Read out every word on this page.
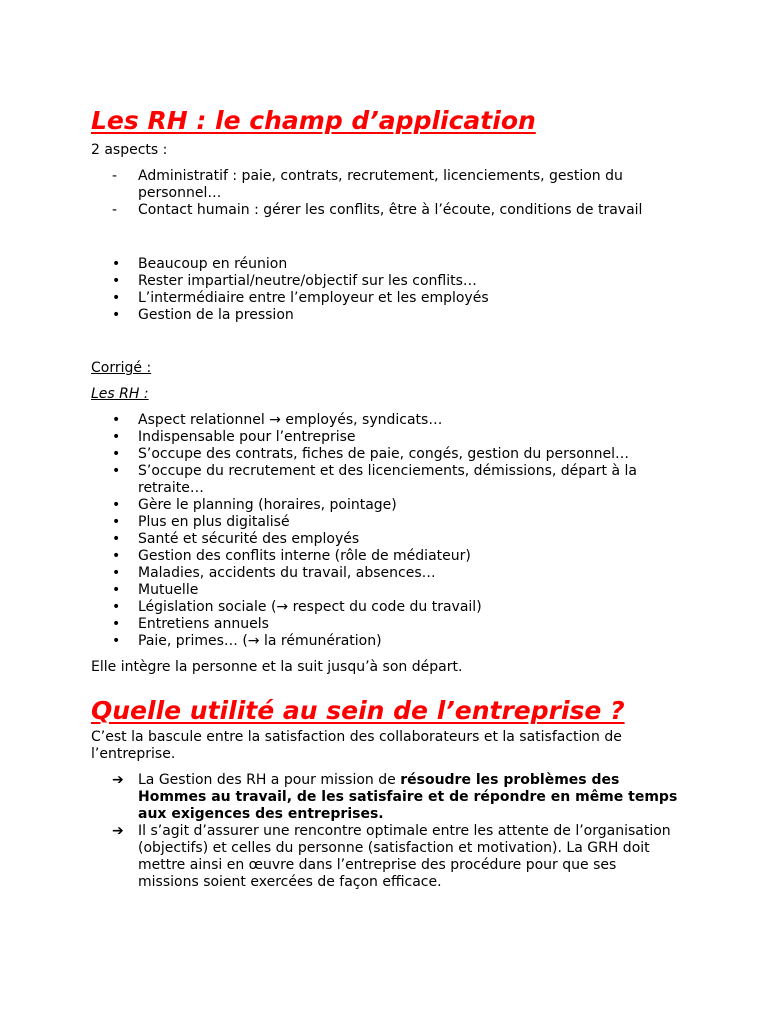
Les RH : le champ d’application

2 aspects :

- Administratif : paie, contrats, recrutement, licenciements, gestion du personnel…
- Contact humain : gérer les conflits, être à l’écoute, conditions de travail
• Beaucoup en réunion
• Rester impartial/neutre/objectif sur les conflits…
• L’intermédiaire entre l’employeur et les employés
• Gestion de la pression

Corrigé :

Les RH :

• Aspect relationnel → employés, syndicats…
• Indispensable pour l’entreprise
• S’occupe des contrats, fiches de paie, congés, gestion du personnel…
• S’occupe du recrutement et des licenciements, démissions, départ à la retraite…
• Gère le planning (horaires, pointage)
• Plus en plus digitalisé
• Santé et sécurité des employés
• Gestion des conflits interne (rôle de médiateur)
• Maladies, accidents du travail, absences…
• Mutuelle
• Législation sociale (→ respect du code du travail)
• Entretiens annuels
• Paie, primes… (→ la rémunération)

Elle intègre la personne et la suit jusqu’à son départ.

Quelle utilité au sein de l’entreprise ?

C’est la bascule entre la satisfaction des collaborateurs et la satisfaction de l’entreprise.

➔ La Gestion des RH a pour mission de résoudre les problèmes des Hommes au travail, de les satisfaire et de répondre en même temps aux exigences des entreprises.
➔ Il s’agit d’assurer une rencontre optimale entre les attente de l’organisation (objectifs) et celles du personne (satisfaction et motivation). La GRH doit mettre ainsi en œuvre dans l’entreprise des procédure pour que ses missions soient exercées de façon efficace.
